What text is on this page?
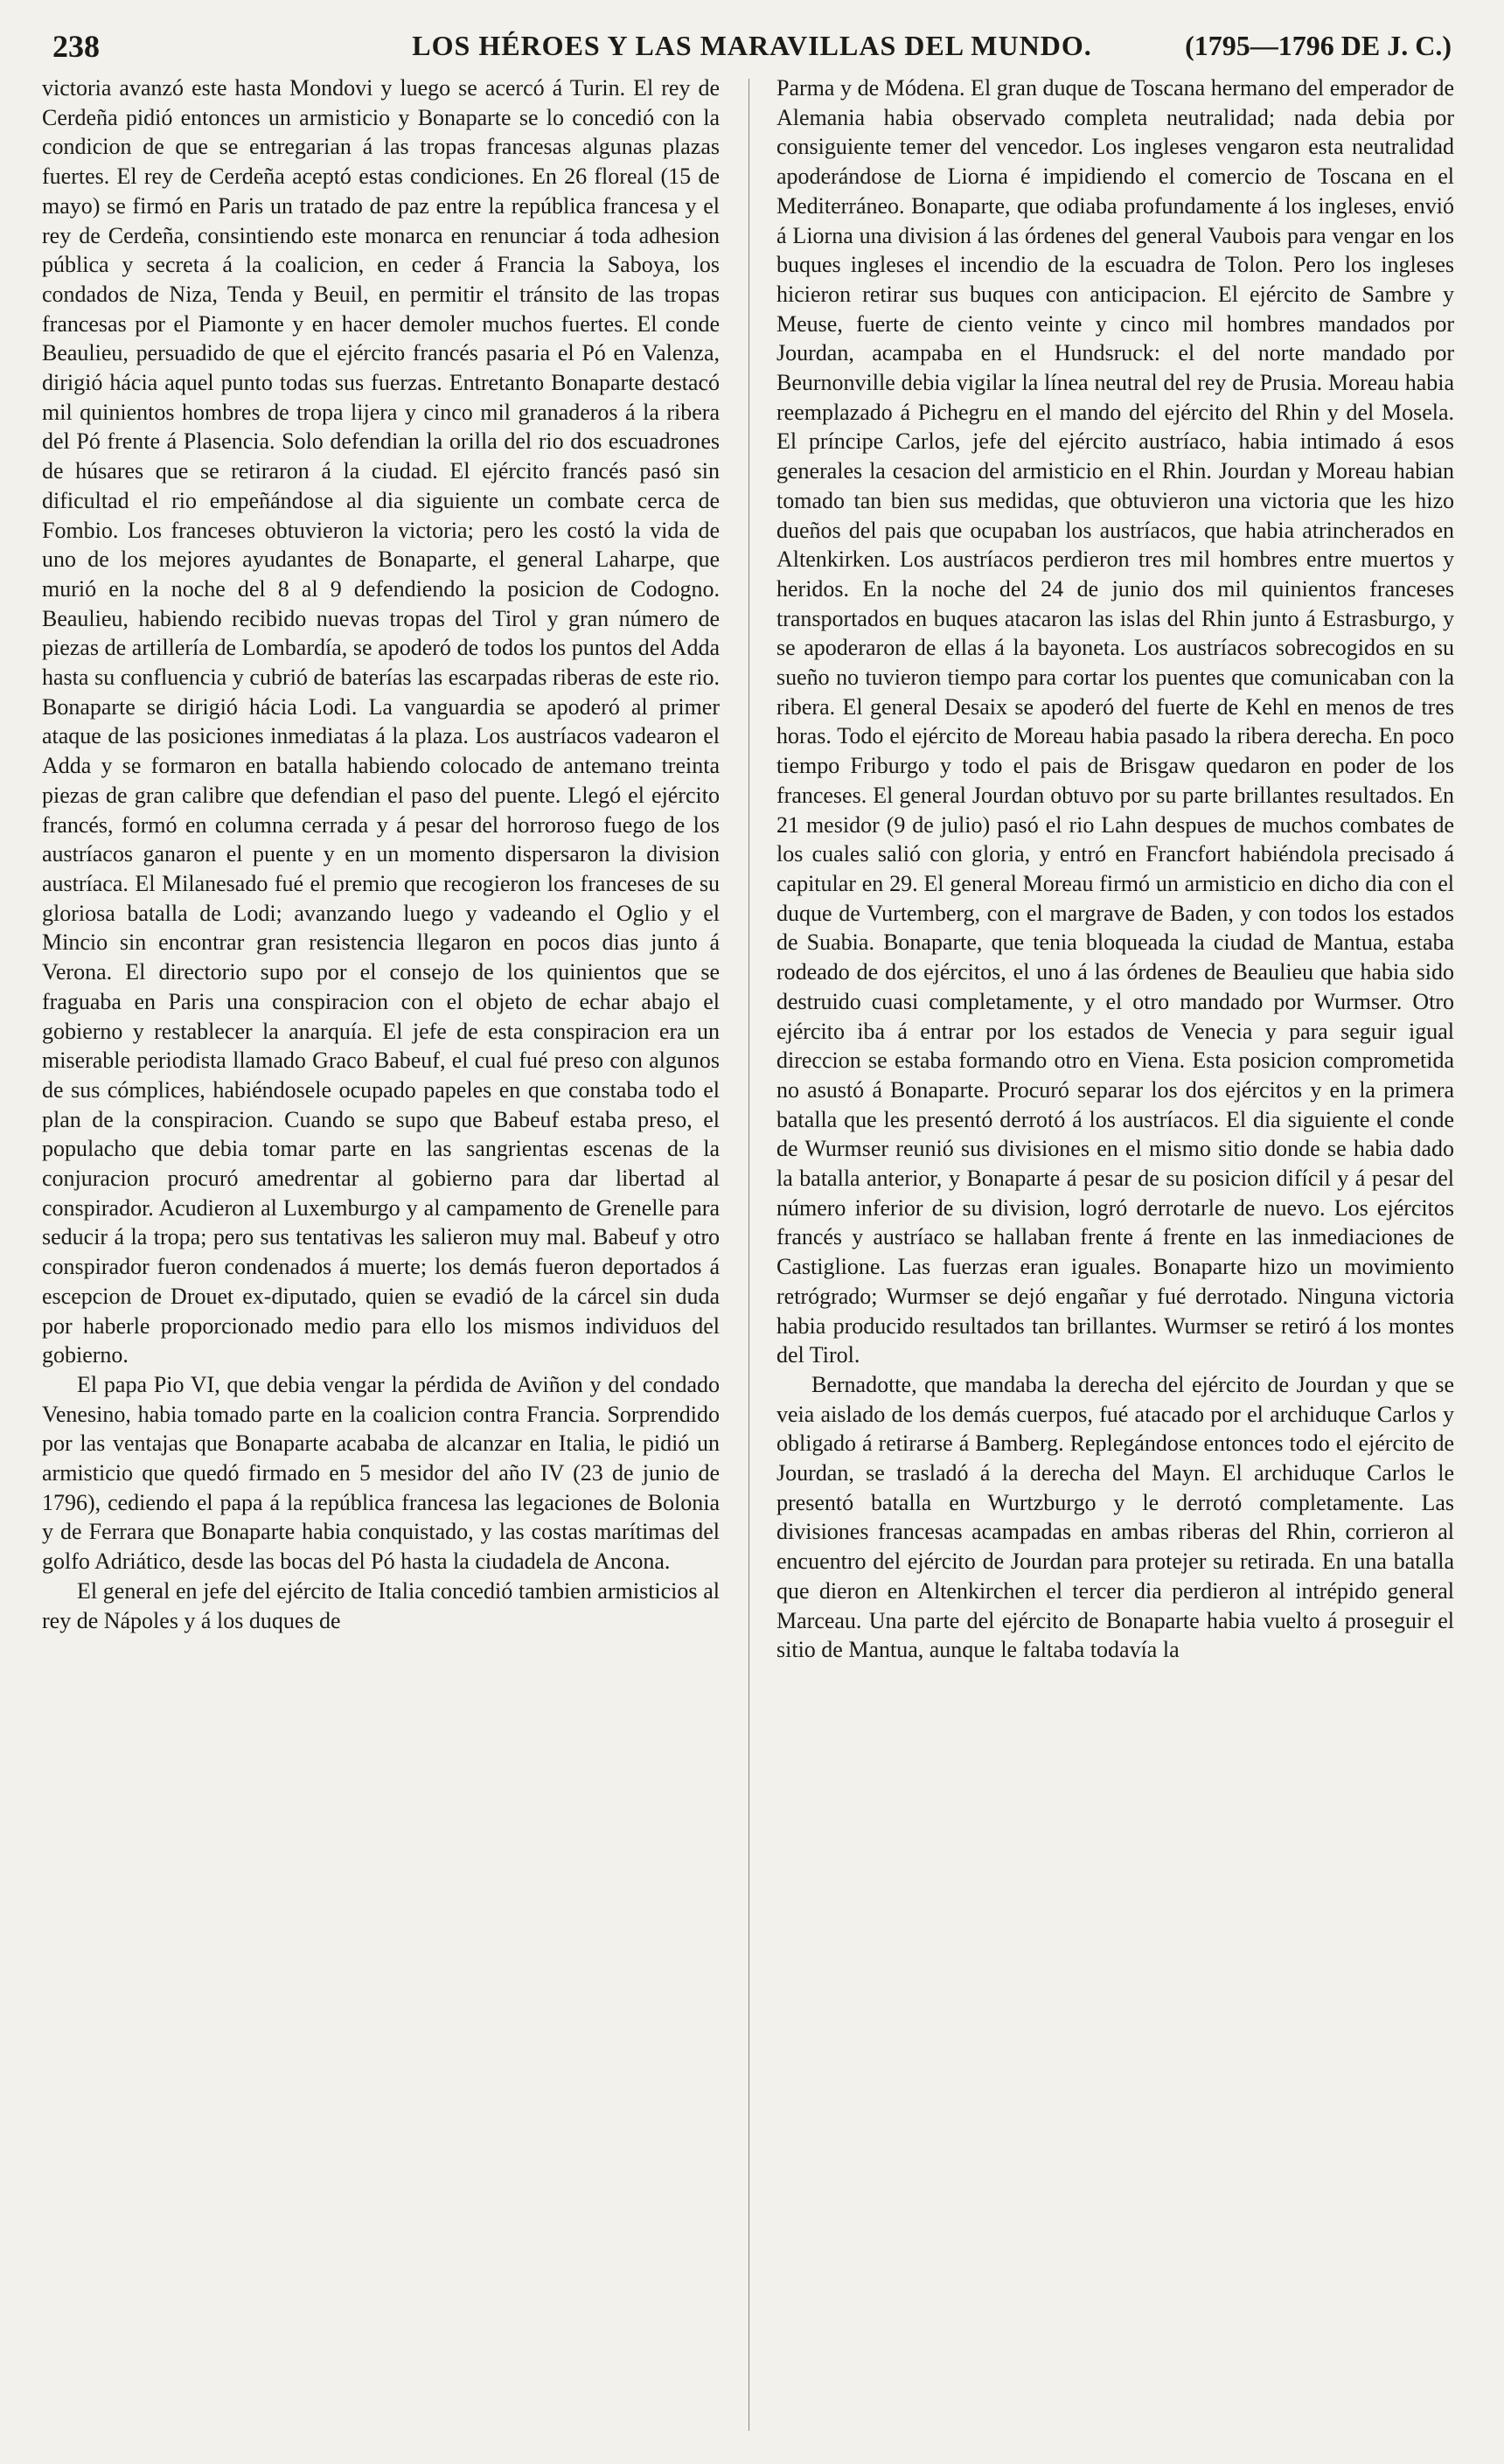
238	LOS HÉROES Y LAS MARAVILLAS DEL MUNDO.	(1795—1796 DE J. C.)

victoria avanzó este hasta Mondovi y luego se acercó á Turin. El rey de Cerdeña pidió entonces un armisticio y Bonaparte se lo concedió con la condicion de que se entregarian á las tropas francesas algunas plazas fuertes. El rey de Cerdeña aceptó estas condiciones. En 26 floreal (15 de mayo) se firmó en Paris un tratado de paz entre la república francesa y el rey de Cerdeña, consintiendo este monarca en renunciar á toda adhesion pública y secreta á la coalicion, en ceder á Francia la Saboya, los condados de Niza, Tenda y Beuil, en permitir el tránsito de las tropas francesas por el Piamonte y en hacer demoler muchos fuertes. El conde Beaulieu, persuadido de que el ejército francés pasaria el Pó en Valenza, dirigió hácia aquel punto todas sus fuerzas. Entretanto Bonaparte destacó mil quinientos hombres de tropa lijera y cinco mil granaderos á la ribera del Pó frente á Plasencia. Solo defendian la orilla del rio dos escuadrones de húsares que se retiraron á la ciudad. El ejército francés pasó sin dificultad el rio empeñándose al dia siguiente un combate cerca de Fombio. Los franceses obtuvieron la victoria; pero les costó la vida de uno de los mejores ayudantes de Bonaparte, el general Laharpe, que murió en la noche del 8 al 9 defendiendo la posicion de Codogno. Beaulieu, habiendo recibido nuevas tropas del Tirol y gran número de piezas de artillería de Lombardía, se apoderó de todos los puntos del Adda hasta su confluencia y cubrió de baterías las escarpadas riberas de este rio. Bonaparte se dirigió hácia Lodi. La vanguardia se apoderó al primer ataque de las posiciones inmediatas á la plaza. Los austríacos vadearon el Adda y se formaron en batalla habiendo colocado de antemano treinta piezas de gran calibre que defendian el paso del puente. Llegó el ejército francés, formó en columna cerrada y á pesar del horroroso fuego de los austríacos ganaron el puente y en un momento dispersaron la division austríaca. El Milanesado fué el premio que recogieron los franceses de su gloriosa batalla de Lodi; avanzando luego y vadeando el Oglio y el Mincio sin encontrar gran resistencia llegaron en pocos dias junto á Verona. El directorio supo por el consejo de los quinientos que se fraguaba en Paris una conspiracion con el objeto de echar abajo el gobierno y restablecer la anarquía. El jefe de esta conspiracion era un miserable periodista llamado Graco Babeuf, el cual fué preso con algunos de sus cómplices, habiéndosele ocupado papeles en que constaba todo el plan de la conspiracion. Cuando se supo que Babeuf estaba preso, el populacho que debia tomar parte en las sangrientas escenas de la conjuracion procuró amedrentar al gobierno para dar libertad al conspirador. Acudieron al Luxemburgo y al campamento de Grenelle para seducir á la tropa; pero sus tentativas les salieron muy mal. Babeuf y otro conspirador fueron condenados á muerte; los demás fueron deportados á escepcion de Drouet ex-diputado, quien se evadió de la cárcel sin duda por haberle proporcionado medio para ello los mismos individuos del gobierno.

El papa Pio VI, que debia vengar la pérdida de Aviñon y del condado Venesino, habia tomado parte en la coalicion contra Francia. Sorprendido por las ventajas que Bonaparte acababa de alcanzar en Italia, le pidió un armisticio que quedó firmado en 5 mesidor del año IV (23 de junio de 1796), cediendo el papa á la república francesa las legaciones de Bolonia y de Ferrara que Bonaparte habia conquistado, y las costas marítimas del golfo Adriático, desde las bocas del Pó hasta la ciudadela de Ancona.

El general en jefe del ejército de Italia concedió tambien armisticios al rey de Nápoles y á los duques de

Parma y de Módena. El gran duque de Toscana hermano del emperador de Alemania habia observado completa neutralidad; nada debia por consiguiente temer del vencedor. Los ingleses vengaron esta neutralidad apoderándose de Liorna é impidiendo el comercio de Toscana en el Mediterráneo. Bonaparte, que odiaba profundamente á los ingleses, envió á Liorna una division á las órdenes del general Vaubois para vengar en los buques ingleses el incendio de la escuadra de Tolon. Pero los ingleses hicieron retirar sus buques con anticipacion. El ejército de Sambre y Meuse, fuerte de ciento veinte y cinco mil hombres mandados por Jourdan, acampaba en el Hundsruck: el del norte mandado por Beurnonville debia vigilar la línea neutral del rey de Prusia. Moreau habia reemplazado á Pichegru en el mando del ejército del Rhin y del Mosela. El príncipe Carlos, jefe del ejército austríaco, habia intimado á esos generales la cesacion del armisticio en el Rhin. Jourdan y Moreau habian tomado tan bien sus medidas, que obtuvieron una victoria que les hizo dueños del pais que ocupaban los austríacos, que habia atrincherados en Altenkirken. Los austríacos perdieron tres mil hombres entre muertos y heridos. En la noche del 24 de junio dos mil quinientos franceses transportados en buques atacaron las islas del Rhin junto á Estrasburgo, y se apoderaron de ellas á la bayoneta. Los austríacos sobrecogidos en su sueño no tuvieron tiempo para cortar los puentes que comunicaban con la ribera. El general Desaix se apoderó del fuerte de Kehl en menos de tres horas. Todo el ejército de Moreau habia pasado la ribera derecha. En poco tiempo Friburgo y todo el pais de Brisgaw quedaron en poder de los franceses. El general Jourdan obtuvo por su parte brillantes resultados. En 21 mesidor (9 de julio) pasó el rio Lahn despues de muchos combates de los cuales salió con gloria, y entró en Francfort habiéndola precisado á capitular en 29. El general Moreau firmó un armisticio en dicho dia con el duque de Vurtemberg, con el margrave de Baden, y con todos los estados de Suabia. Bonaparte, que tenia bloqueada la ciudad de Mantua, estaba rodeado de dos ejércitos, el uno á las órdenes de Beaulieu que habia sido destruido cuasi completamente, y el otro mandado por Wurmser. Otro ejército iba á entrar por los estados de Venecia y para seguir igual direccion se estaba formando otro en Viena. Esta posicion comprometida no asustó á Bonaparte. Procuró separar los dos ejércitos y en la primera batalla que les presentó derrotó á los austríacos. El dia siguiente el conde de Wurmser reunió sus divisiones en el mismo sitio donde se habia dado la batalla anterior, y Bonaparte á pesar de su posicion difícil y á pesar del número inferior de su division, logró derrotarle de nuevo. Los ejércitos francés y austríaco se hallaban frente á frente en las inmediaciones de Castiglione. Las fuerzas eran iguales. Bonaparte hizo un movimiento retrógrado; Wurmser se dejó engañar y fué derrotado. Ninguna victoria habia producido resultados tan brillantes. Wurmser se retiró á los montes del Tirol.

Bernadotte, que mandaba la derecha del ejército de Jourdan y que se veia aislado de los demás cuerpos, fué atacado por el archiduque Carlos y obligado á retirarse á Bamberg. Replegándose entonces todo el ejército de Jourdan, se trasladó á la derecha del Mayn. El archiduque Carlos le presentó batalla en Wurtzburgo y le derrotó completamente. Las divisiones francesas acampadas en ambas riberas del Rhin, corrieron al encuentro del ejército de Jourdan para protejer su retirada. En una batalla que dieron en Altenkirchen el tercer dia perdieron al intrépido general Marceau. Una parte del ejército de Bonaparte habia vuelto á proseguir el sitio de Mantua, aunque le faltaba todavía la
